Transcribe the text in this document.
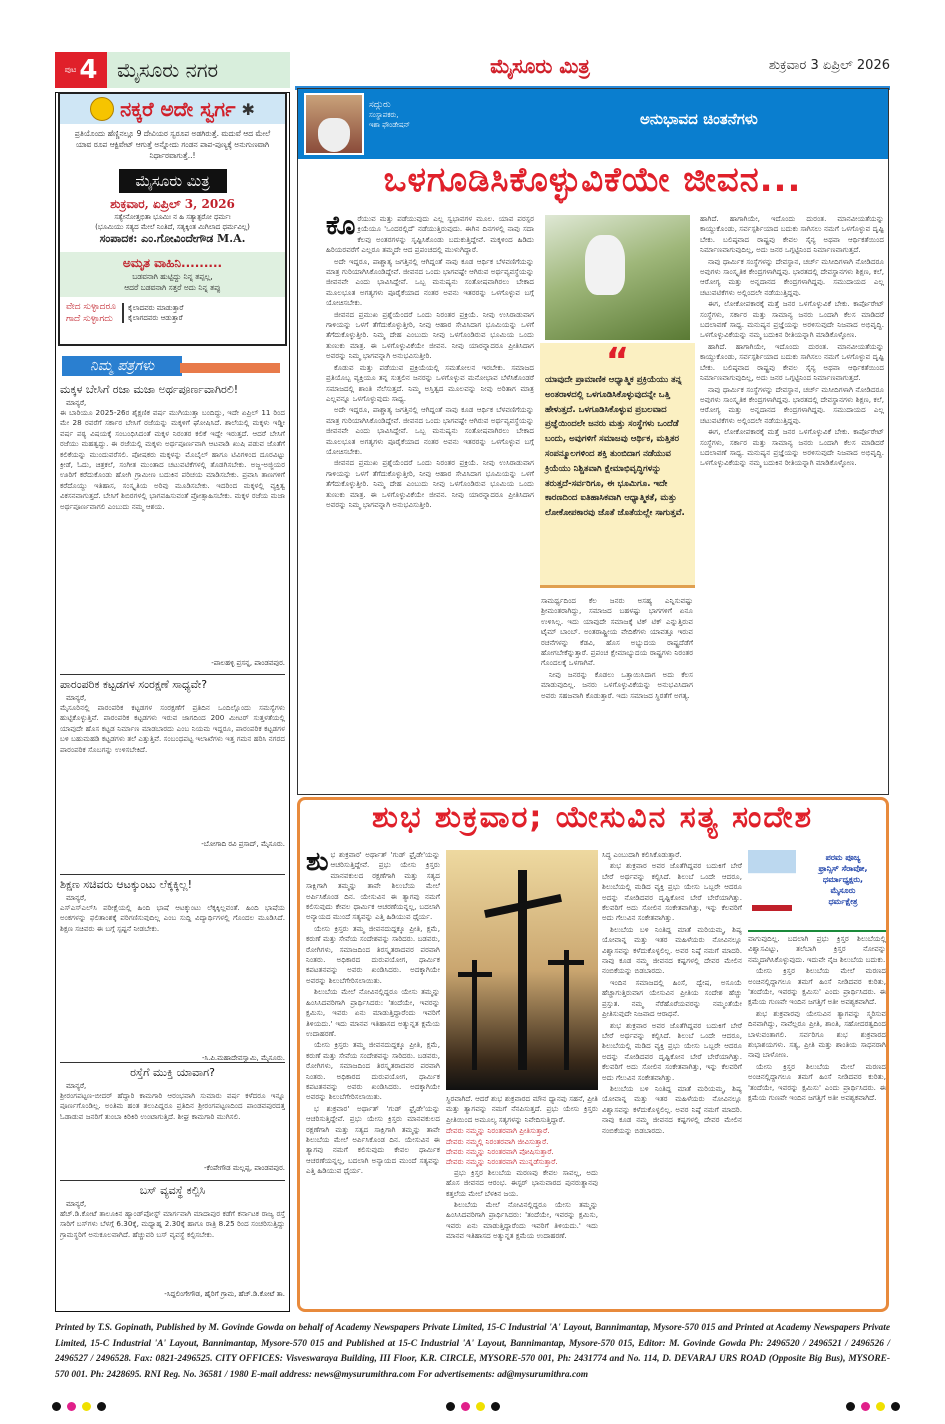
ಪುಟ 4 ಮೈಸೂರು ನಗರ	ಮೈಸೂರು ಮಿತ್ರ	ಶುಕ್ರವಾರ 3 ಏಪ್ರಿಲ್ 2026
ನಕ್ಕರೆ ಅದೇ ಸ್ವರ್ಗ ✱
ಪ್ರತಿಯೊಂದು ಹೆಣ್ಣಿನಲ್ಲೂ 9 ದೇವಿಯರ ಸ್ವರೂಪ ಅಡಗಿರುತ್ತೆ. ಮದುವೆ ಆದ ಮೇಲೆ ಯಾವ ರೂಪ ಆಕ್ಟಿವೇಟ್ ಆಗುತ್ತೆ ಅನ್ನೋದು ಗಂಡನ ಪಾಪ-ಪುಣ್ಯಕ್ಕೆ ಅನುಗುಣವಾಗಿ ನಿರ್ಧಾರವಾಗುತ್ತೆ..!
ಮೈಸೂರು ಮಿತ್ರ
ಶುಕ್ರವಾರ, ಏಪ್ರಿಲ್ 3, 2026
ಸತ್ಯೇನೋತ್ತಭಿತಾ ಭೂಮಿಃ ನ ಹಿ ಸತ್ಯಾತ್ಪರೋ ಧರ್ಮಃ
(ಭೂಮಿಯು ಸತ್ಯದ ಮೇಲೆ ನಿಂತಿದೆ, ಸತ್ಯಕ್ಕಿಂತ ಮಿಗಿಲಾದ ಧರ್ಮವಿಲ್ಲ)
ಸಂಪಾದಕ: ಎಂ.ಗೋವಿಂದೇಗೌಡ M.A.
ಅಮೃತ ವಾಹಿನಿ.........
ಬಡವನಾಗಿ ಹುಟ್ಟಿದ್ದು ನಿನ್ನ ತಪ್ಪಲ್ಲ,
ಆದರೆ ಬಡವನಾಗಿ ಸತ್ತರೆ ಅದು ನಿನ್ನ ತಪ್ಪು
ವೇದ ಸುಳ್ಳಾದರೂ
ಗಾದೆ ಸುಳ್ಳಾಗದು
ಕೈಲಾದವರು ಮಾಡುತ್ತಾರೆ
ಕೈಲಾಗದವರು ಆಡುತ್ತಾರೆ
ನಿಮ್ಮ ಪತ್ರಗಳು
ಮಕ್ಕಳ ಬೇಸಿಗೆ ರಜಾ ಮಜಾ ಅರ್ಥಪೂರ್ಣವಾಗಿರಲಿ!
ಮಾನ್ಯರೆ,
ಈ ಬಾರಿಯೂ 2025-26ರ ಶೈಕ್ಷಣಿಕ ವರ್ಷ ಮುಗಿಯುತ್ತಾ ಬಂದಿದ್ದು, ಇದೇ ಏಪ್ರಿಲ್ 11 ರಿಂದ ಮೇ 28 ರವರೆಗೆ ಸರ್ಕಾರ ಬೇಸಿಗೆ ರಜೆಯನ್ನು ಮಕ್ಕಳಿಗೆ ಘೋಷಿಸಿದೆ. ಶಾಲೆಯಲ್ಲಿ ಮಕ್ಕಳು ಇಡ್ಡೀ ವರ್ಷ ಪಠ್ಯ ವಿಷಯಕ್ಕೆ ಸಂಬಂಧಿಸಿದಂತೆ ಮಕ್ಕಳ ನಿರಂತರ ಕಲಿಕೆ ಇದ್ದೇ ಇರುತ್ತದೆ. ಆದರೆ ಬೇಸಿಗೆ ರಜೆಯು ಮಹತ್ವದ್ದು. ಈ ರಜೆಯಲ್ಲಿ ಮಕ್ಕಳು ಅರ್ಥಪೂರ್ಣವಾಗಿ ಆಟವಾಡಿ ಖುಷಿ ಪಡುವ ಜೊತೆಗೆ ಕಲಿಕೆಯನ್ನು ಮುಂದುವರೆಸಲಿ. ಪೋಷಕರು ಮಕ್ಕಳನ್ನು ಮೊಬೈಲ್ ಹಾಗೂ ಟಿವಿಗಳಿಂದ ದೂರವಿಟ್ಟು ಕ್ರೀಡೆ, ಓದು, ಚಿತ್ರಕಲೆ, ಸಂಗೀತ ಮುಂತಾದ ಚಟುವಟಿಕೆಗಳಲ್ಲಿ ತೊಡಗಿಸಬೇಕು. ಅಜ್ಜ-ಅಜ್ಜಿಯರ ಊರಿಗೆ ಕರೆದುಕೊಂಡು ಹೋಗಿ ಗ್ರಾಮೀಣ ಬದುಕಿನ ಪರಿಚಯ ಮಾಡಿಸಬೇಕು. ಪ್ರವಾಸಿ ತಾಣಗಳಿಗೆ ಕರೆದೊಯ್ದು ಇತಿಹಾಸ, ಸಂಸ್ಕೃತಿಯ ಅರಿವು ಮೂಡಿಸಬೇಕು. ಇದರಿಂದ ಮಕ್ಕಳಲ್ಲಿ ವ್ಯಕ್ತಿತ್ವ ವಿಕಸನವಾಗುತ್ತದೆ. ಬೇಸಿಗೆ ಶಿಬಿರಗಳಲ್ಲಿ ಭಾಗವಹಿಸುವಂತೆ ಪ್ರೋತ್ಸಾಹಿಸಬೇಕು. ಮಕ್ಕಳ ರಜೆಯ ಮಜಾ ಅರ್ಥಪೂರ್ಣವಾಗಲಿ ಎಂಬುದು ನಮ್ಮ ಆಶಯ.
-ಪಾಲಹಳ್ಳಿ ಪ್ರಸನ್ನ, ಪಾಂಡವಪುರ.
ಪಾರಂಪರಿಕ ಕಟ್ಟಡಗಳ ಸಂರಕ್ಷಣೆ ಸಾಧ್ಯವೇ?
ಮಾನ್ಯರೆ,
ಮೈಸೂರಿನಲ್ಲಿ ಪಾರಂಪರಿಕ ಕಟ್ಟಡಗಳ ಸಂರಕ್ಷಣೆಗೆ ಪ್ರತಿದಿನ ಒಂದಿಲ್ಲೊಂದು ಸಮಸ್ಯೆಗಳು ಹುಟ್ಟಿಕೊಳ್ಳುತ್ತಿವೆ. ಪಾರಂಪರಿಕ ಕಟ್ಟಡಗಳು ಇರುವ ಜಾಗದಿಂದ 200 ಮೀಟರ್ ಸುತ್ತಳತೆಯಲ್ಲಿ ಯಾವುದೇ ಹೊಸ ಕಟ್ಟಡ ನಿರ್ಮಾಣ ಮಾಡಬಾರದು ಎಂಬ ನಿಯಮ ಇದ್ದರೂ, ಪಾರಂಪರಿಕ ಕಟ್ಟಡಗಳ ಬಳಿ ಬಹುಮಹಡಿ ಕಟ್ಟಡಗಳು ತಲೆ ಎತ್ತುತ್ತಿವೆ. ಸಂಬಂಧಪಟ್ಟ ಇಲಾಖೆಗಳು ಇತ್ತ ಗಮನ ಹರಿಸಿ ನಗರದ ಪಾರಂಪರಿಕ ಸೊಬಗನ್ನು ಉಳಿಸಬೇಕಿದೆ.
-ಬೋಗಾದಿ ರವಿ ಪ್ರಸಾದ್, ಮೈಸೂರು.
ಶಿಕ್ಷಣ ಸಚಿವರು ಆಟಕ್ಕುಂಟು ಲೆಕ್ಕಕ್ಕಿಲ್ಲ!
ಮಾನ್ಯರೆ,
ಎಸ್ಎಸ್ಎಲ್‌ಸಿ ಪರೀಕ್ಷೆಯಲ್ಲಿ ಹಿಂದಿ ಭಾಷೆ ಆಟಕ್ಕುಂಟು ಲೆಕ್ಕಕ್ಕಿಲ್ಲವಂತೆ. ಹಿಂದಿ ಭಾಷೆಯ ಅಂಕಗಳನ್ನು ಫಲಿತಾಂಶಕ್ಕೆ ಪರಿಗಣಿಸುವುದಿಲ್ಲ ಎಂಬ ಸುದ್ದಿ ವಿದ್ಯಾರ್ಥಿಗಳಲ್ಲಿ ಗೊಂದಲ ಮೂಡಿಸಿದೆ. ಶಿಕ್ಷಣ ಸಚಿವರು ಈ ಬಗ್ಗೆ ಸ್ಪಷ್ಟನೆ ನೀಡಬೇಕು.
-ಸಿ.ಪಿ.ಮಹಾದೇವಸ್ವಾಮಿ, ಮೈಸೂರು.
ರಸ್ತೆಗೆ ಮುಕ್ತಿ ಯಾವಾಗ?
ಮಾನ್ಯರೆ,
ಶ್ರೀರಂಗಪಟ್ಟಣ-ಬೀದರ್ ಹೆದ್ದಾರಿ ಕಾಮಗಾರಿ ಆರಂಭವಾಗಿ ಸುಮಾರು ವರ್ಷ ಕಳೆದರೂ ಇನ್ನೂ ಪೂರ್ಣಗೊಂಡಿಲ್ಲ. ಅಂತಿಮ ಹಂತ ತಲುಪಿದ್ದರೂ ಪ್ರತಿದಿನ ಶ್ರೀರಂಗಪಟ್ಟಣದಿಂದ ಪಾಂಡವಪುರದತ್ತ ಓಡಾಡುವ ಜನರಿಗೆ ತುಂಬಾ ಕಿರಿಕಿರಿ ಉಂಟಾಗುತ್ತಿದೆ. ಶೀಘ್ರ ಕಾಮಗಾರಿ ಮುಗಿಸಲಿ.
-ಕೆಂಪೇಗೌಡ ಮಲ್ಲಪ್ಪ, ಪಾಂಡವಪುರ.
ಬಸ್ ವ್ಯವಸ್ಥೆ ಕಲ್ಪಿಸಿ
ಮಾನ್ಯರೆ,
ಹೆಚ್.ಡಿ.ಕೋಟೆ ತಾಲೂಕಿನ ಹ್ಯಾಂಡ್‌ಪೋಸ್ಟ್ ಮಾರ್ಗವಾಗಿ ಮಾದಾಪುರ ಕಡೆಗೆ ಕರ್ನಾಟಕ ರಾಜ್ಯ ರಸ್ತೆ ಸಾರಿಗೆ ಬಸ್‌ಗಳು ಬೆಳಗ್ಗೆ 6.30ಕ್ಕೆ, ಮಧ್ಯಾಹ್ನ 2.30ಕ್ಕೆ ಹಾಗೂ ರಾತ್ರಿ 8.25 ರಿಂದ ಸಂಚರಿಸುತ್ತಿದ್ದು ಗ್ರಾಮಸ್ಥರಿಗೆ ಅನುಕೂಲವಾಗಿದೆ. ಹೆಚ್ಚುವರಿ ಬಸ್ ವ್ಯವಸ್ಥೆ ಕಲ್ಪಿಸಬೇಕು.
-ಸಿದ್ದಲಿಂಗೇಗೌಡ, ಹೈರಿಗೆ ಗ್ರಾಮ, ಹೆಚ್.ಡಿ.ಕೋಟೆ ತಾ.
ಸದ್ಗುರು
ಸಂಸ್ಥಾಪಕರು,
ಇಶಾ ಫೌಂಡೇಷನ್	ಅನುಭಾವದ ಚಿಂತನೆಗಳು
ಒಳಗೂಡಿಸಿಕೊಳ್ಳುವಿಕೆಯೇ ಜೀವನ...
ಕೊ ರೆಯುವ ಮತ್ತು ಪಡೆಯುವುದು ಎಲ್ಲ ಸ್ವಭಾವಗಳ ಮೂಲ. ಯಾವ ಪರಸ್ಪರ ಕ್ರಿಯೆಯೂ 'ಒಂದರಲ್ಲಿದೆ' ನಡೆಯುತ್ತಿರುವುದು. ಈಗಿನ ದಿನಗಳಲ್ಲಿ ನಾವು ಸದಾ ಕೆಲವು ಅಂತರಗಳನ್ನು ಸೃಷ್ಟಿಸಿಕೊಂಡು ಬದುಕುತ್ತಿದ್ದೇವೆ. ಮಕ್ಕಳಿಂದ ಹಿಡಿದು ಹಿರಿಯರವರೆಗೆ ಎಲ್ಲರೂ ತಮ್ಮದೇ ಆದ ಪ್ರಪಂಚದಲ್ಲಿ ಮುಳುಗಿದ್ದಾರೆ.

ಅದೇ ಇದ್ದರೂ, ಪಾಶ್ಚಾತ್ಯ ಜಗತ್ತಿನಲ್ಲಿ ಆಗಿದ್ದಂತೆ ನಾವು ಕೂಡ ಆರ್ಥಿಕ ಬೆಳವಣಿಗೆಯನ್ನು ಮಾತ್ರ ಗುರಿಯಾಗಿಸಿಕೊಂಡಿದ್ದೇವೆ. ಜೀವನದ ಒಂದು ಭಾಗವಷ್ಟೇ ಆಗಿರುವ ಅರ್ಥವ್ಯವಸ್ಥೆಯನ್ನು ಜೀವನವೇ ಎಂದು ಭಾವಿಸಿದ್ದೇವೆ. ಒಬ್ಬ ಮನುಷ್ಯನು ಸಂತೋಷವಾಗಿರಲು ಬೇಕಾದ ಮೂಲಭೂತ ಅಗತ್ಯಗಳು ಪೂರೈಕೆಯಾದ ನಂತರ ಅವನು ಇತರರನ್ನು ಒಳಗೊಳ್ಳುವ ಬಗ್ಗೆ ಯೋಚಿಸಬೇಕು.

ಜೀವನದ ಪ್ರಮುಖ ಪ್ರಶ್ನೆಯೆಂದರೆ ಒಂದು ನಿರಂತರ ಪ್ರಕ್ರಿಯೆ. ನೀವು ಉಸಿರಾಡುವಾಗ ಗಾಳಿಯನ್ನು ಒಳಗೆ ತೆಗೆದುಕೊಳ್ಳುತ್ತೀರಿ, ನೀವು ಆಹಾರ ಸೇವಿಸಿದಾಗ ಭೂಮಿಯನ್ನು ಒಳಗೆ ತೆಗೆದುಕೊಳ್ಳುತ್ತೀರಿ. ನಿಮ್ಮ ದೇಹ ಎಂಬುದು ನೀವು ಒಳಗೊಂಡಿರುವ ಭೂಮಿಯ ಒಂದು ತುಣುಕು ಮಾತ್ರ. ಈ ಒಳಗೊಳ್ಳುವಿಕೆಯೇ ಜೀವನ. ನೀವು ಯಾರನ್ನಾದರೂ ಪ್ರೀತಿಸಿದಾಗ ಅವರನ್ನು ನಿಮ್ಮ ಭಾಗವನ್ನಾಗಿ ಅನುಭವಿಸುತ್ತೀರಿ.

ಕೊಡುವ ಮತ್ತು ಪಡೆಯುವ ಪ್ರಕ್ರಿಯೆಯಲ್ಲಿ ಸಮತೋಲನ ಇರಬೇಕು. ಸಮಾಜದ ಪ್ರತಿಯೊಬ್ಬ ವ್ಯಕ್ತಿಯೂ ತನ್ನ ಸುತ್ತಲಿನ ಜನರನ್ನು ಒಳಗೊಳ್ಳುವ ಮನೋಭಾವ ಬೆಳೆಸಿಕೊಂಡರೆ ಸಮಾಜದಲ್ಲಿ ಶಾಂತಿ ನೆಲೆಸುತ್ತದೆ. ನಿಮ್ಮ ಅಸ್ತಿತ್ವದ ಮೂಲವನ್ನು ನೀವು ಅರಿತಾಗ ಮಾತ್ರ ಎಲ್ಲವನ್ನೂ ಒಳಗೊಳ್ಳುವುದು ಸಾಧ್ಯ.

ಅದೇ ಇದ್ದರೂ, ಪಾಶ್ಚಾತ್ಯ ಜಗತ್ತಿನಲ್ಲಿ ಆಗಿದ್ದಂತೆ ನಾವು ಕೂಡ ಆರ್ಥಿಕ ಬೆಳವಣಿಗೆಯನ್ನು ಮಾತ್ರ ಗುರಿಯಾಗಿಸಿಕೊಂಡಿದ್ದೇವೆ. ಜೀವನದ ಒಂದು ಭಾಗವಷ್ಟೇ ಆಗಿರುವ ಅರ್ಥವ್ಯವಸ್ಥೆಯನ್ನು ಜೀವನವೇ ಎಂದು ಭಾವಿಸಿದ್ದೇವೆ. ಒಬ್ಬ ಮನುಷ್ಯನು ಸಂತೋಷವಾಗಿರಲು ಬೇಕಾದ ಮೂಲಭೂತ ಅಗತ್ಯಗಳು ಪೂರೈಕೆಯಾದ ನಂತರ ಅವನು ಇತರರನ್ನು ಒಳಗೊಳ್ಳುವ ಬಗ್ಗೆ ಯೋಚಿಸಬೇಕು.

ಜೀವನದ ಪ್ರಮುಖ ಪ್ರಶ್ನೆಯೆಂದರೆ ಒಂದು ನಿರಂತರ ಪ್ರಕ್ರಿಯೆ. ನೀವು ಉಸಿರಾಡುವಾಗ ಗಾಳಿಯನ್ನು ಒಳಗೆ ತೆಗೆದುಕೊಳ್ಳುತ್ತೀರಿ, ನೀವು ಆಹಾರ ಸೇವಿಸಿದಾಗ ಭೂಮಿಯನ್ನು ಒಳಗೆ ತೆಗೆದುಕೊಳ್ಳುತ್ತೀರಿ. ನಿಮ್ಮ ದೇಹ ಎಂಬುದು ನೀವು ಒಳಗೊಂಡಿರುವ ಭೂಮಿಯ ಒಂದು ತುಣುಕು ಮಾತ್ರ. ಈ ಒಳಗೊಳ್ಳುವಿಕೆಯೇ ಜೀವನ. ನೀವು ಯಾರನ್ನಾದರೂ ಪ್ರೀತಿಸಿದಾಗ ಅವರನ್ನು ನಿಮ್ಮ ಭಾಗವನ್ನಾಗಿ ಅನುಭವಿಸುತ್ತೀರಿ.

“
ಯಾವುದೇ ಪ್ರಾಮಾಣಿಕ ಆಧ್ಯಾತ್ಮಿಕ ಪ್ರಕ್ರಿಯೆಯು ತನ್ನ ಅಂತರಾಳದಲ್ಲಿ ಒಳಗೂಡಿಸಿಕೊಳ್ಳುವುದನ್ನೇ ಒತ್ತಿ ಹೇಳುತ್ತದೆ. ಒಳಗೂಡಿಸಿಕೊಳ್ಳುವ ಪ್ರಬಲವಾದ ಪ್ರಜ್ಞೆಯಿಂದಲೇ ಜನರು ಮತ್ತು ಸಂಸ್ಥೆಗಳು ಒಂದೆಡೆ ಬಂದು, ಅವುಗಳಿಗೆ ಸಮಾಜವು ಆರ್ಥಿಕ, ಮತ್ತಿತರ ಸಂಪನ್ಮೂಲಗಳಿಂದ ಶಕ್ತಿ ತುಂಬಿದಾಗ ನಡೆಯುವ ಕ್ರಿಯೆಯು ನಿಶ್ಚಿತವಾಗಿ ಕ್ಷೇಮಾಭಿವೃದ್ಧಿಗಳನ್ನು ತರುತ್ತದೆ-ಸರ್ವರಿಗೂ, ಈ ಭೂಮಿಗೂ. ಇದೇ ಕಾರಣದಿಂದ ಐತಿಹಾಸಿಕವಾಗಿ ಆಧ್ಯಾತ್ಮಿಕತೆ, ಮತ್ತು ಲೋಕೋಪಕಾರವು ಜೊತೆ ಜೊತೆಯಲ್ಲೇ ಸಾಗುತ್ತವೆ.

ಸಾಮರ್ಥ್ಯದಿಂದ ಕೆಲ ಜನರು ಅಸಹ್ಯ ಎನ್ನಿಸುವಷ್ಟು ಶ್ರೀಮಂತರಾಗಿದ್ದು, ಸಮಾಜದ ಬಹಳಷ್ಟು ಭಾಗಗಳಿಗೆ ಏನೂ ಉಳಿಸಿಲ್ಲ. ಇದು ಯಾವುದೇ ಸಮಾಜಕ್ಕೆ ಟಿಕ್ ಟಿಕ್ ಎನ್ನುತ್ತಿರುವ ಟೈಮ್ ಬಾಂಬ್. ಅಂತರಾಷ್ಟ್ರೀಯ ವೇದಿಕೆಗಳು ಯಾವತ್ತೂ ಇರುವ ರಚನೆಗಳನ್ನು ಕೆಡವಿ, ಹೊಸ ಅಭ್ಯುದಯ ರಾಷ್ಟ್ರದೆಡೆಗೆ ಹೋಗಬೇಕೆನ್ನುತ್ತಾರೆ. ಪ್ರಪಂಚ ಕ್ಷೇಮಾಭ್ಯುದಯ ರಾಷ್ಟ್ರಗಳು ನಿರಂತರ ಗೊಂದಲಕ್ಕೆ ಒಳಗಾಗಿವೆ.

ನೀವು ಜನರನ್ನು ಕೊಡಲು ಒತ್ತಾಯಿಸಿದಾಗ ಅದು ಕೆಲಸ ಮಾಡುವುದಿಲ್ಲ. ಜನರು ಒಳಗೊಳ್ಳುವಿಕೆಯನ್ನು ಅನುಭವಿಸಿದಾಗ ಅವರು ಸಹಜವಾಗಿ ಕೊಡುತ್ತಾರೆ. ಇದು ಸಮಾಜದ ಸ್ಥಿರತೆಗೆ ಅಗತ್ಯ.

ಹಾಗಿದೆ. ಹಾಗಾಗಿಯೇ, ಇದೊಂದು ದುರಂತ. ಮಾನವೀಯತೆಯನ್ನು ಕಾಯ್ದುಕೊಂಡು, ಸರ್ವಸ್ಪರ್ಶಿಯಾದ ಬದುಕು ಸಾಗಿಸಲು ನಮಗೆ ಒಳಗೊಳ್ಳುವ ದೃಷ್ಟಿ ಬೇಕು. ಬಲಿಷ್ಠವಾದ ರಾಷ್ಟ್ರವು ಕೇವಲ ಸೈನ್ಯ ಅಥವಾ ಆರ್ಥಿಕತೆಯಿಂದ ನಿರ್ಮಾಣವಾಗುವುದಿಲ್ಲ, ಅದು ಜನರ ಒಗ್ಗಟ್ಟಿನಿಂದ ನಿರ್ಮಾಣವಾಗುತ್ತದೆ.

ನಾವು ಧಾರ್ಮಿಕ ಸಂಸ್ಥೆಗಳನ್ನು ದೇವಸ್ಥಾನ, ಚರ್ಚ್ ಮಸೀದಿಗಳಾಗಿ ನೋಡಿದರೂ ಅವುಗಳು ಸಾಂಸ್ಕೃತಿಕ ಕೇಂದ್ರಗಳಾಗಿದ್ದವು. ಭಾರತದಲ್ಲಿ ದೇವಸ್ಥಾನಗಳು ಶಿಕ್ಷಣ, ಕಲೆ, ಆರೋಗ್ಯ ಮತ್ತು ಅನ್ನದಾನದ ಕೇಂದ್ರಗಳಾಗಿದ್ದವು. ಸಮುದಾಯದ ಎಲ್ಲ ಚಟುವಟಿಕೆಗಳು ಅಲ್ಲಿಂದಲೇ ನಡೆಯುತ್ತಿದ್ದವು.

ಈಗ, ಲೋಕೋಪಕಾರಕ್ಕೆ ಮತ್ತೆ ಜನರ ಒಳಗೊಳ್ಳುವಿಕೆ ಬೇಕು. ಕಾರ್ಪೊರೇಟ್ ಸಂಸ್ಥೆಗಳು, ಸರ್ಕಾರ ಮತ್ತು ಸಾಮಾನ್ಯ ಜನರು ಒಂದಾಗಿ ಕೆಲಸ ಮಾಡಿದರೆ ಬದಲಾವಣೆ ಸಾಧ್ಯ. ಮನುಷ್ಯನ ಪ್ರಜ್ಞೆಯನ್ನು ಅರಳಿಸುವುದೇ ನಿಜವಾದ ಅಭಿವೃದ್ಧಿ. ಒಳಗೊಳ್ಳುವಿಕೆಯನ್ನು ನಮ್ಮ ಬದುಕಿನ ರೀತಿಯನ್ನಾಗಿ ಮಾಡಿಕೊಳ್ಳೋಣ.

ಹಾಗಿದೆ. ಹಾಗಾಗಿಯೇ, ಇದೊಂದು ದುರಂತ. ಮಾನವೀಯತೆಯನ್ನು ಕಾಯ್ದುಕೊಂಡು, ಸರ್ವಸ್ಪರ್ಶಿಯಾದ ಬದುಕು ಸಾಗಿಸಲು ನಮಗೆ ಒಳಗೊಳ್ಳುವ ದೃಷ್ಟಿ ಬೇಕು. ಬಲಿಷ್ಠವಾದ ರಾಷ್ಟ್ರವು ಕೇವಲ ಸೈನ್ಯ ಅಥವಾ ಆರ್ಥಿಕತೆಯಿಂದ ನಿರ್ಮಾಣವಾಗುವುದಿಲ್ಲ, ಅದು ಜನರ ಒಗ್ಗಟ್ಟಿನಿಂದ ನಿರ್ಮಾಣವಾಗುತ್ತದೆ.

ನಾವು ಧಾರ್ಮಿಕ ಸಂಸ್ಥೆಗಳನ್ನು ದೇವಸ್ಥಾನ, ಚರ್ಚ್ ಮಸೀದಿಗಳಾಗಿ ನೋಡಿದರೂ ಅವುಗಳು ಸಾಂಸ್ಕೃತಿಕ ಕೇಂದ್ರಗಳಾಗಿದ್ದವು. ಭಾರತದಲ್ಲಿ ದೇವಸ್ಥಾನಗಳು ಶಿಕ್ಷಣ, ಕಲೆ, ಆರೋಗ್ಯ ಮತ್ತು ಅನ್ನದಾನದ ಕೇಂದ್ರಗಳಾಗಿದ್ದವು. ಸಮುದಾಯದ ಎಲ್ಲ ಚಟುವಟಿಕೆಗಳು ಅಲ್ಲಿಂದಲೇ ನಡೆಯುತ್ತಿದ್ದವು.

ಈಗ, ಲೋಕೋಪಕಾರಕ್ಕೆ ಮತ್ತೆ ಜನರ ಒಳಗೊಳ್ಳುವಿಕೆ ಬೇಕು. ಕಾರ್ಪೊರೇಟ್ ಸಂಸ್ಥೆಗಳು, ಸರ್ಕಾರ ಮತ್ತು ಸಾಮಾನ್ಯ ಜನರು ಒಂದಾಗಿ ಕೆಲಸ ಮಾಡಿದರೆ ಬದಲಾವಣೆ ಸಾಧ್ಯ. ಮನುಷ್ಯನ ಪ್ರಜ್ಞೆಯನ್ನು ಅರಳಿಸುವುದೇ ನಿಜವಾದ ಅಭಿವೃದ್ಧಿ. ಒಳಗೊಳ್ಳುವಿಕೆಯನ್ನು ನಮ್ಮ ಬದುಕಿನ ರೀತಿಯನ್ನಾಗಿ ಮಾಡಿಕೊಳ್ಳೋಣ.

ಶುಭ ಶುಕ್ರವಾರ; ಯೇಸುವಿನ ಸತ್ಯ ಸಂದೇಶ
ಶು ಭ ಶುಕ್ರವಾರ' ಅರ್ಥಾತ್ 'ಗುಡ್ ಫ್ರೈಡೇ'ಯನ್ನು ಆಚರಿಸುತ್ತಿದ್ದೇವೆ. ಪ್ರಭು ಯೇಸು ಕ್ರಿಸ್ತರು ಮಾನವಕುಲದ ರಕ್ಷಣೆಗಾಗಿ ಮತ್ತು ಸತ್ಯದ ಸಾಕ್ಷಿಗಾಗಿ ತಮ್ಮನ್ನು ತಾವೇ ಶಿಲುಬೆಯ ಮೇಲೆ ಅರ್ಪಿಸಿಕೊಂಡ ದಿನ. ಯೇಸುವಿನ ಈ ತ್ಯಾಗವು ನಮಗೆ ಕಲಿಸುವುದು ಕೇವಲ ಧಾರ್ಮಿಕ ಆಚರಣೆಯನ್ನಲ್ಲ, ಬದಲಾಗಿ ಅನ್ಯಾಯದ ಮುಂದೆ ಸತ್ಯವನ್ನು ಎತ್ತಿ ಹಿಡಿಯುವ ಧೈರ್ಯ.

ಯೇಸು ಕ್ರಿಸ್ತರು ತಮ್ಮ ಜೀವನದುದ್ದಕ್ಕೂ ಪ್ರೀತಿ, ಕ್ಷಮೆ, ಕರುಣೆ ಮತ್ತು ಸೇವೆಯ ಸಂದೇಶವನ್ನು ಸಾರಿದರು. ಬಡವರು, ರೋಗಿಗಳು, ಸಮಾಜದಿಂದ ತಿರಸ್ಕೃತರಾದವರ ಪರವಾಗಿ ನಿಂತರು. ಅಧಿಕಾರದ ದುರುಪಯೋಗ, ಧಾರ್ಮಿಕ ಕಪಟತನವನ್ನು ಅವರು ಖಂಡಿಸಿದರು. ಅದಕ್ಕಾಗಿಯೇ ಅವರನ್ನು ಶಿಲುಬೆಗೇರಿಸಲಾಯಿತು.

ಶಿಲುಬೆಯ ಮೇಲೆ ನೋವಿನಲ್ಲಿದ್ದರೂ ಯೇಸು ತಮ್ಮನ್ನು ಹಿಂಸಿಸಿದವರಿಗಾಗಿ ಪ್ರಾರ್ಥಿಸಿದರು: 'ತಂದೆಯೇ, ಇವರನ್ನು ಕ್ಷಮಿಸು, ಇವರು ಏನು ಮಾಡುತ್ತಿದ್ದಾರೆಂದು ಇವರಿಗೆ ತಿಳಿಯದು.' ಇದು ಮಾನವ ಇತಿಹಾಸದ ಅತ್ಯುನ್ನತ ಕ್ಷಮೆಯ ಉದಾಹರಣೆ.

ಯೇಸು ಕ್ರಿಸ್ತರು ತಮ್ಮ ಜೀವನದುದ್ದಕ್ಕೂ ಪ್ರೀತಿ, ಕ್ಷಮೆ, ಕರುಣೆ ಮತ್ತು ಸೇವೆಯ ಸಂದೇಶವನ್ನು ಸಾರಿದರು. ಬಡವರು, ರೋಗಿಗಳು, ಸಮಾಜದಿಂದ ತಿರಸ್ಕೃತರಾದವರ ಪರವಾಗಿ ನಿಂತರು. ಅಧಿಕಾರದ ದುರುಪಯೋಗ, ಧಾರ್ಮಿಕ ಕಪಟತನವನ್ನು ಅವರು ಖಂಡಿಸಿದರು. ಅದಕ್ಕಾಗಿಯೇ ಅವರನ್ನು ಶಿಲುಬೆಗೇರಿಸಲಾಯಿತು.

ಭ ಶುಕ್ರವಾರ' ಅರ್ಥಾತ್ 'ಗುಡ್ ಫ್ರೈಡೇ'ಯನ್ನು ಆಚರಿಸುತ್ತಿದ್ದೇವೆ. ಪ್ರಭು ಯೇಸು ಕ್ರಿಸ್ತರು ಮಾನವಕುಲದ ರಕ್ಷಣೆಗಾಗಿ ಮತ್ತು ಸತ್ಯದ ಸಾಕ್ಷಿಗಾಗಿ ತಮ್ಮನ್ನು ತಾವೇ ಶಿಲುಬೆಯ ಮೇಲೆ ಅರ್ಪಿಸಿಕೊಂಡ ದಿನ. ಯೇಸುವಿನ ಈ ತ್ಯಾಗವು ನಮಗೆ ಕಲಿಸುವುದು ಕೇವಲ ಧಾರ್ಮಿಕ ಆಚರಣೆಯನ್ನಲ್ಲ, ಬದಲಾಗಿ ಅನ್ಯಾಯದ ಮುಂದೆ ಸತ್ಯವನ್ನು ಎತ್ತಿ ಹಿಡಿಯುವ ಧೈರ್ಯ.

ಸ್ಥಿರವಾಗಿದೆ. ಆದರೆ ಶುಭ ಶುಕ್ರವಾರದ ಮೌನ ಧ್ಯಾನವು ಸಹನೆ, ಪ್ರೀತಿ ಮತ್ತು ತ್ಯಾಗವನ್ನು ನಮಗೆ ನೆನಪಿಸುತ್ತದೆ. ಪ್ರಭು ಯೇಸು ಕ್ರಿಸ್ತರು ಪ್ರೀತಿಯಿಂದ ಅಮೂಲ್ಯ ಸತ್ಯಗಳನ್ನು ನಿವೇದಿಸುತ್ತಿದ್ದಾರೆ.

ದೇವರು ನಮ್ಮನ್ನು ನಿರಂತರವಾಗಿ ಪ್ರೀತಿಸುತ್ತಾರೆ.
ದೇವರು ನಮ್ಮಲ್ಲಿ ನಿರಂತರವಾಗಿ ಜೀವಿಸುತ್ತಾರೆ.
ದೇವರು ನಮ್ಮನ್ನು ನಿರಂತರವಾಗಿ ಪೋಷಿಸುತ್ತಾರೆ.
ದೇವರು ನಮ್ಮನ್ನು ನಿರಂತರವಾಗಿ ಮುನ್ನಡೆಸುತ್ತಾರೆ.

ಪ್ರಭು ಕ್ರಿಸ್ತರ ಶಿಲುಬೆಯ ಮರಣವು ಕೇವಲ ಸಾವಲ್ಲ, ಅದು ಹೊಸ ಜೀವನದ ಆರಂಭ. ಈಸ್ಟರ್ ಭಾನುವಾರದ ಪುನರುತ್ಥಾನವು ಕತ್ತಲೆಯ ಮೇಲೆ ಬೆಳಕಿನ ಜಯ.

ಶಿಲುಬೆಯ ಮೇಲೆ ನೋವಿನಲ್ಲಿದ್ದರೂ ಯೇಸು ತಮ್ಮನ್ನು ಹಿಂಸಿಸಿದವರಿಗಾಗಿ ಪ್ರಾರ್ಥಿಸಿದರು: 'ತಂದೆಯೇ, ಇವರನ್ನು ಕ್ಷಮಿಸು, ಇವರು ಏನು ಮಾಡುತ್ತಿದ್ದಾರೆಂದು ಇವರಿಗೆ ತಿಳಿಯದು.' ಇದು ಮಾನವ ಇತಿಹಾಸದ ಅತ್ಯುನ್ನತ ಕ್ಷಮೆಯ ಉದಾಹರಣೆ.

ಸಿದ್ಧ ಎಂಬುದಾಗಿ ಕಲಿಸಿಕೊಡುತ್ತಾರೆ.

ಶುಭ ಶುಕ್ರವಾರ ಅವರ ಜೊತೆಗಿದ್ದವರ ಬದುಕಿಗೆ ಬೇರೆ ಬೇರೆ ಅರ್ಥವನ್ನು ಕಲ್ಪಿಸಿದೆ. ಶಿಲುಬೆ ಒಂದೇ ಆದರೂ, ಶಿಲುಬೆಯಲ್ಲಿ ಮಡಿದ ವ್ಯಕ್ತಿ ಪ್ರಭು ಯೇಸು ಒಬ್ಬರೇ ಆದರೂ ಅದನ್ನು ನೋಡಿದವರ ದೃಷ್ಟಿಕೋನ ಬೇರೆ ಬೇರೆಯಾಗಿತ್ತು. ಕೆಲವರಿಗೆ ಅದು ಸೋಲಿನ ಸಂಕೇತವಾಗಿತ್ತು, ಇನ್ನು ಕೆಲವರಿಗೆ ಅದು ಗೆಲುವಿನ ಸಂಕೇತವಾಗಿತ್ತು.

ಶಿಲುಬೆಯ ಬಳಿ ನಿಂತಿದ್ದ ಮಾತೆ ಮರಿಯಮ್ಮ, ಶಿಷ್ಯ ಯೋವಾನ್ನ ಮತ್ತು ಇತರ ಮಹಿಳೆಯರು ನೋವಿನಲ್ಲೂ ವಿಶ್ವಾಸವನ್ನು ಕಳೆದುಕೊಳ್ಳಲಿಲ್ಲ. ಅವರ ನಿಷ್ಠೆ ನಮಗೆ ಮಾದರಿ. ನಾವು ಕೂಡ ನಮ್ಮ ಜೀವನದ ಕಷ್ಟಗಳಲ್ಲಿ ದೇವರ ಮೇಲಿನ ನಂಬಿಕೆಯನ್ನು ಬಿಡಬಾರದು.

ಇಂದಿನ ಸಮಾಜದಲ್ಲಿ ಹಿಂಸೆ, ದ್ವೇಷ, ಅಸೂಯೆ ಹೆಚ್ಚಾಗುತ್ತಿರುವಾಗ ಯೇಸುವಿನ ಪ್ರೀತಿಯ ಸಂದೇಶ ಹೆಚ್ಚು ಪ್ರಸ್ತುತ. ನಮ್ಮ ನೆರೆಹೊರೆಯವರನ್ನು ನಮ್ಮಂತೆಯೇ ಪ್ರೀತಿಸುವುದೇ ನಿಜವಾದ ಆರಾಧನೆ.

ಶುಭ ಶುಕ್ರವಾರ ಅವರ ಜೊತೆಗಿದ್ದವರ ಬದುಕಿಗೆ ಬೇರೆ ಬೇರೆ ಅರ್ಥವನ್ನು ಕಲ್ಪಿಸಿದೆ. ಶಿಲುಬೆ ಒಂದೇ ಆದರೂ, ಶಿಲುಬೆಯಲ್ಲಿ ಮಡಿದ ವ್ಯಕ್ತಿ ಪ್ರಭು ಯೇಸು ಒಬ್ಬರೇ ಆದರೂ ಅದನ್ನು ನೋಡಿದವರ ದೃಷ್ಟಿಕೋನ ಬೇರೆ ಬೇರೆಯಾಗಿತ್ತು. ಕೆಲವರಿಗೆ ಅದು ಸೋಲಿನ ಸಂಕೇತವಾಗಿತ್ತು, ಇನ್ನು ಕೆಲವರಿಗೆ ಅದು ಗೆಲುವಿನ ಸಂಕೇತವಾಗಿತ್ತು.

ಶಿಲುಬೆಯ ಬಳಿ ನಿಂತಿದ್ದ ಮಾತೆ ಮರಿಯಮ್ಮ, ಶಿಷ್ಯ ಯೋವಾನ್ನ ಮತ್ತು ಇತರ ಮಹಿಳೆಯರು ನೋವಿನಲ್ಲೂ ವಿಶ್ವಾಸವನ್ನು ಕಳೆದುಕೊಳ್ಳಲಿಲ್ಲ. ಅವರ ನಿಷ್ಠೆ ನಮಗೆ ಮಾದರಿ. ನಾವು ಕೂಡ ನಮ್ಮ ಜೀವನದ ಕಷ್ಟಗಳಲ್ಲಿ ದೇವರ ಮೇಲಿನ ನಂಬಿಕೆಯನ್ನು ಬಿಡಬಾರದು.

ಪರಮ ಪೂಜ್ಯ
ಫ್ರಾನ್ಸಿಸ್ ಸೆರಾವೋ,
ಧರ್ಮಾಧ್ಯಕ್ಷರು,
ಮೈಸೂರು
ಧರ್ಮಕ್ಷೇತ್ರ

ವಾಗುವುದಿಲ್ಲ. ಬದಲಾಗಿ ಪ್ರಭು ಕ್ರಿಸ್ತರ ಶಿಲುಬೆಯಲ್ಲಿ ವಿಶ್ವಾಸವಿಟ್ಟು, ತಲೆಬಾಗಿ ಕ್ರಿಸ್ತರ ನೋವನ್ನು ನಮ್ಮದಾಗಿಸಿಕೊಳ್ಳುವುದು. ಇದುವೇ ನೈಜ ಶಿಲುಬೆಯ ಬದುಕು.

ಯೇಸು ಕ್ರಿಸ್ತರ ಶಿಲುಬೆಯ ಮೇಲೆ ಮರಣದ ಅಂಚಿನಲ್ಲಿದ್ದಾಗಲೂ ತಮಗೆ ಹಿಂಸೆ ನೀಡಿದವರ ಕುರಿತು, 'ತಂದೆಯೇ, ಇವರನ್ನು ಕ್ಷಮಿಸು' ಎಂದು ಪ್ರಾರ್ಥಿಸಿದರು. ಈ ಕ್ಷಮೆಯ ಗುಣವೇ ಇಂದಿನ ಜಗತ್ತಿಗೆ ಅತೀ ಅವಶ್ಯಕವಾಗಿದೆ.

ಶುಭ ಶುಕ್ರವಾರವು ಯೇಸುವಿನ ತ್ಯಾಗವನ್ನು ಸ್ಮರಿಸುವ ದಿನವಾಗಿದ್ದು, ನಾವೆಲ್ಲರೂ ಪ್ರೀತಿ, ಶಾಂತಿ, ಸಹೋದರತ್ವದಿಂದ ಬಾಳುವಂತಾಗಲಿ. ಸರ್ವರಿಗೂ ಶುಭ ಶುಕ್ರವಾರದ ಶುಭಾಶಯಗಳು. ಸತ್ಯ, ಪ್ರೀತಿ ಮತ್ತು ಶಾಂತಿಯ ಸಾಧನರಾಗಿ ನಾವು ಬಾಳೋಣ.

ಯೇಸು ಕ್ರಿಸ್ತರ ಶಿಲುಬೆಯ ಮೇಲೆ ಮರಣದ ಅಂಚಿನಲ್ಲಿದ್ದಾಗಲೂ ತಮಗೆ ಹಿಂಸೆ ನೀಡಿದವರ ಕುರಿತು, 'ತಂದೆಯೇ, ಇವರನ್ನು ಕ್ಷಮಿಸು' ಎಂದು ಪ್ರಾರ್ಥಿಸಿದರು. ಈ ಕ್ಷಮೆಯ ಗುಣವೇ ಇಂದಿನ ಜಗತ್ತಿಗೆ ಅತೀ ಅವಶ್ಯಕವಾಗಿದೆ.

Printed by T.S. Gopinath, Published by M. Govinde Gowda on behalf of Academy Newspapers Private Limited, 15-C Industrial 'A' Layout, Bannimantap, Mysore-570 015 and Printed at Academy Newspapers Private Limited, 15-C Industrial 'A' Layout, Bannimantap, Mysore-570 015 and Published at 15-C Industrial 'A' Layout, Bannimantap, Mysore-570 015, Editor: M. Govinde Gowda Ph: 2496520 / 2496521 / 2496526 / 2496527 / 2496528. Fax: 0821-2496525. CITY OFFICES: Visveswaraya Building, III Floor, K.R. CIRCLE, MYSORE-570 001, Ph: 2431774 and No. 114, D. DEVARAJ URS ROAD (Opposite Big Bus), MYSORE-570 001. Ph: 2428695. RNI Reg. No. 36581 / 1980 E-mail address: news@mysurumithra.com For advertisements: ad@mysurumithra.com
